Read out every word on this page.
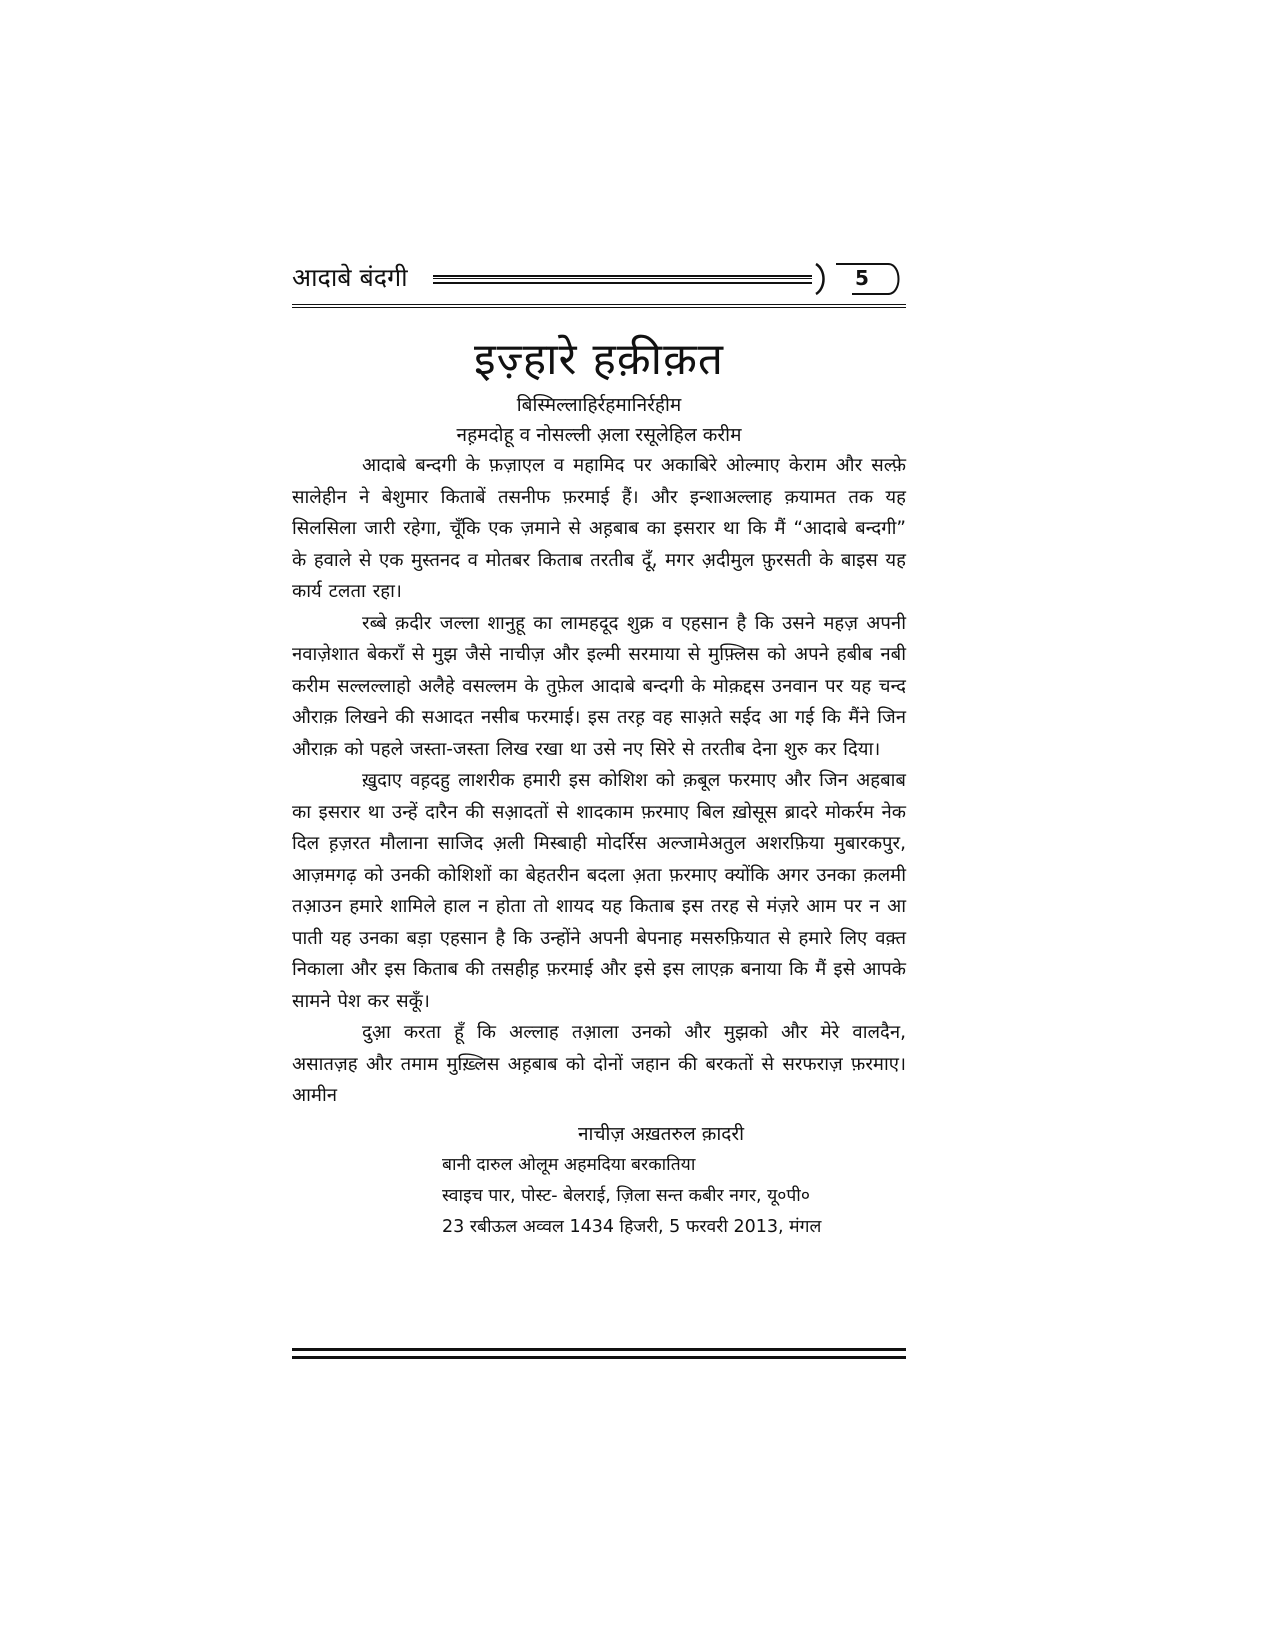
आदाबे बंदगी	5
इज़्हारे हक़ीक़त
बिस्मिल्लाहिर्रहमानिर्रहीम
नह़मदोहू व नोसल्ली अ़ला रसूलेहिल करीम

आदाबे बन्दगी के फ़ज़ाएल व महामिद पर अकाबिरे ओल्माए केराम और सल्फ़े सालेहीन ने बेशुमार किताबें तसनीफ फ़रमाई हैं। और इन्शाअल्लाह क़यामत तक यह सिलसिला जारी रहेगा, चूँकि एक ज़माने से अह़बाब का इसरार था कि मैं “आदाबे बन्दगी” के हवाले से एक मुस्तनद व मोतबर किताब तरतीब दूँ, मगर अ़दीमुल फ़ुरसती के बाइस यह कार्य टलता रहा।

रब्बे क़दीर जल्ला शानुहू का लामहदूद शुक्र व एहसान है कि उसने महज़ अपनी नवाज़ेशात बेकराँ से मुझ जैसे नाचीज़ और इल्मी सरमाया से मुफ़्लिस को अपने हबीब नबी करीम सल्लल्लाहो अलैहे वसल्लम के तुफ़ेल आदाबे बन्दगी के मोक़द्दस उनवान पर यह चन्द औराक़ लिखने की सआदत नसीब फरमाई। इस तरह़ वह साअ़ते सईद आ गई कि मैंने जिन औराक़ को पहले जस्ता-जस्ता लिख रखा था उसे नए सिरे से तरतीब देना शुरु कर दिया।

ख़ुदाए वह़दहु लाशरीक हमारी इस कोशिश को क़बूल फरमाए और जिन अहबाब का इसरार था उन्हें दारैन की सआ़दतों से शादकाम फ़रमाए बिल ख़ोसूस ब्रादरे मोकर्रम नेक दिल ह़ज़रत मौलाना साजिद अ़ली मिस्बाही मोदर्रिस अल्जामेअतुल अशरफ़िया मुबारकपुर, आज़मगढ़ को उनकी कोशिशों का बेहतरीन बदला अ़ता फ़रमाए क्योंकि अगर उनका क़लमी तआ़उन हमारे शामिले हाल न होता तो शायद यह किताब इस तरह से मंज़रे आम पर न आ पाती यह उनका बड़ा एहसान है कि उन्होंने अपनी बेपनाह मसरुफ़ियात से हमारे लिए वक़्त निकाला और इस किताब की तसहीह़ फ़रमाई और इसे इस लाएक़ बनाया कि मैं इसे आपके सामने पेश कर सकूँ।

दुआ़ करता हूँ कि अल्लाह तआ़ला उनको और मुझको और मेरे वालदैन, असातज़ह और तमाम मुख़्लिस अह़बाब को दोनों जहान की बरकतों से सरफराज़ फ़रमाए। आमीन

नाचीज़ अख़तरुल क़ादरी
बानी दारुल ओलूम अहमदिया बरकातिया
स्वाइच पार, पोस्ट- बेलराई, ज़िला सन्त कबीर नगर, यू०पी०
23 रबीऊल अव्वल 1434 हिजरी, 5 फरवरी 2013, मंगल
